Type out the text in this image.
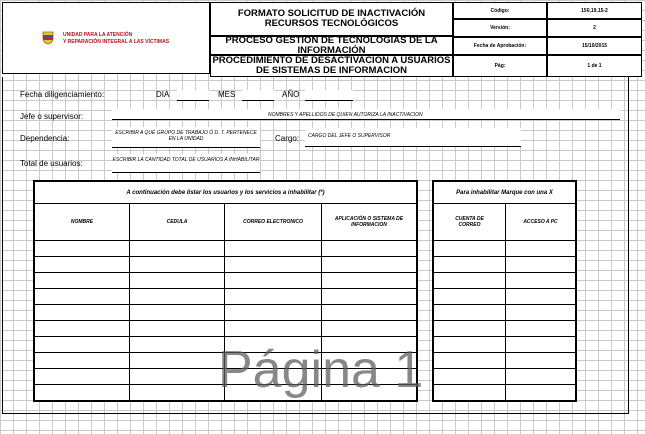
UNIDAD PARA LA ATENCIÓN
Y REPARACIÓN INTEGRAL A LAS VÍCTIMAS
FORMATO SOLICITUD DE INACTIVACIÓN RECURSOS TECNOLÓGICOS
PROCESO GESTION DE TECNOLOGIAS DE LA INFORMACIÓN
PROCEDIMIENTO DE DESACTIVACION A USUARIOS DE SISTEMAS DE INFORMACION
Código:	150,19,15-2
Versión:	2
Fecha de Aprobación:	15/10/2015
Pág:	1 de 1
Fecha diligenciamiento:	DIA	MES	AÑO
Jefe o supervisor:	NOMBRES Y APELLIDOS DE QUIEN AUTORIZA LA INACTIVACION
Dependencia:
ESCRIBIR A QUÉ GRUPO DE TRABAJO Ó D. T. PERTENECE EN LA UNIDAD	Cargo: CARGO DEL JEFE O SUPERVISOR
Total de usuarios:	ESCRIBIR LA CANTIDAD TOTAL DE USUARIOS A INHABILITAR
A continuación debe listar los usuarios y los servicios a inhabilitar (*)
NOMBRE	CEDULA	CORREO ELECTRONICO	APLICACIÓN O SISTEMA DE INFORMACION
Para inhabilitar Marque con una X
CUENTA DE CORREO	ACCESO A PC
Página 1
